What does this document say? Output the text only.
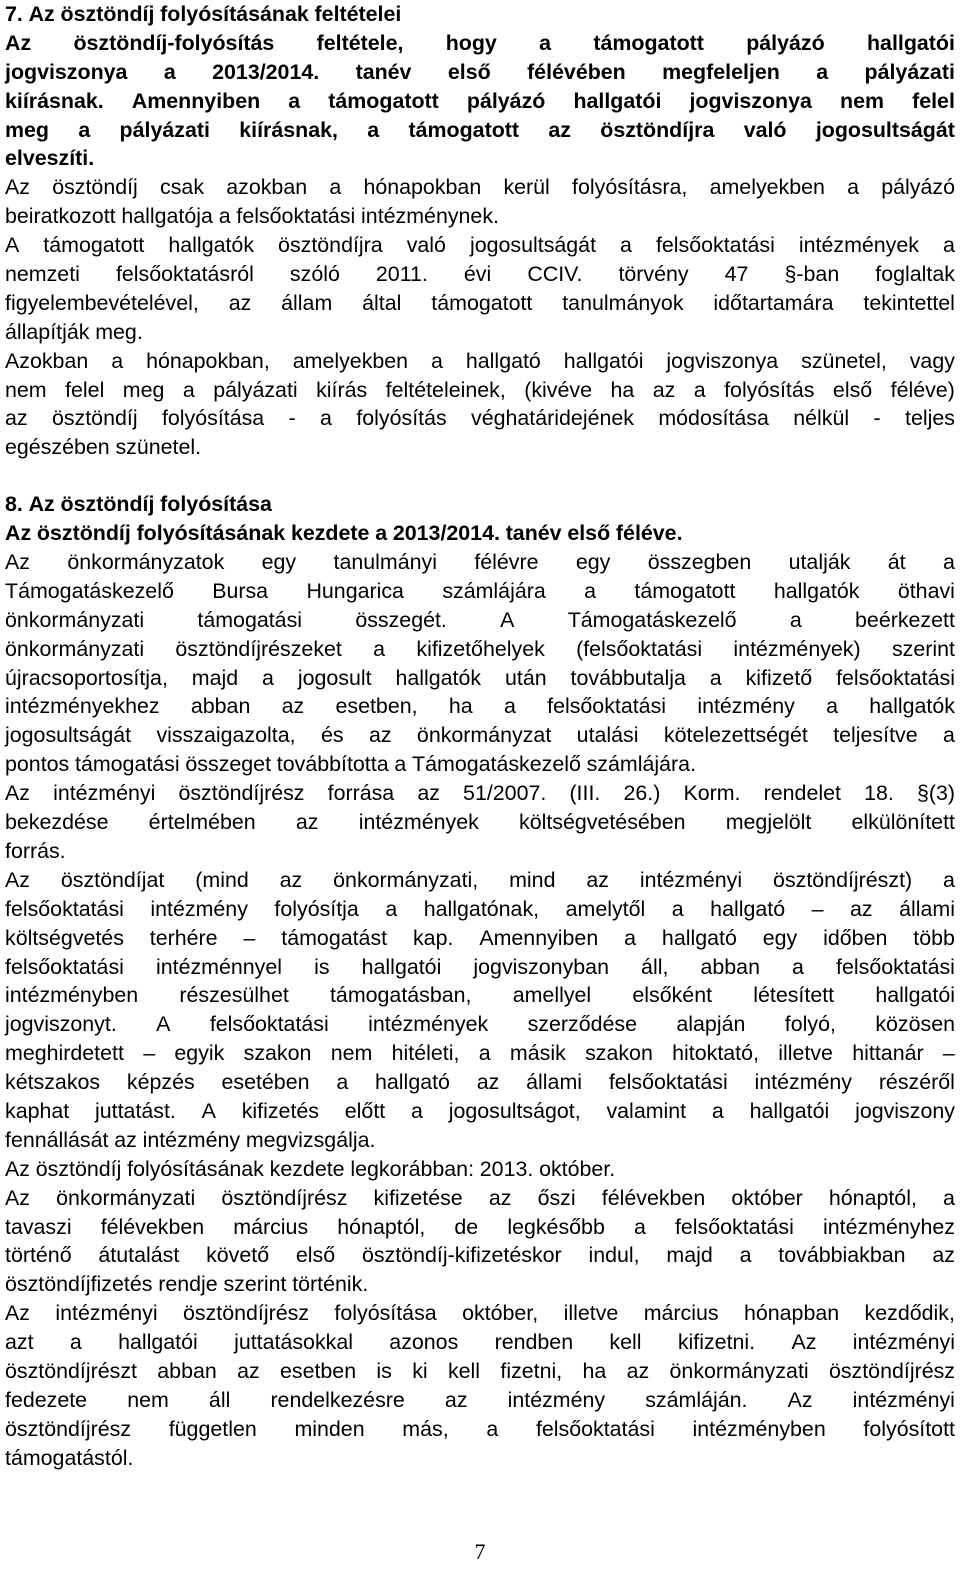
7. Az ösztöndíj folyósításának feltételei
Az ösztöndíj-folyósítás feltétele, hogy a támogatott pályázó hallgatói
jogviszonya a 2013/2014. tanév első félévében megfeleljen a pályázati
kiírásnak. Amennyiben a támogatott pályázó hallgatói jogviszonya nem felel
meg a pályázati kiírásnak, a támogatott az ösztöndíjra való jogosultságát
elveszíti.
Az ösztöndíj csak azokban a hónapokban kerül folyósításra, amelyekben a pályázó
beiratkozott hallgatója a felsőoktatási intézménynek.
A támogatott hallgatók ösztöndíjra való jogosultságát a felsőoktatási intézmények a
nemzeti felsőoktatásról szóló 2011. évi CCIV. törvény 47 §-ban foglaltak
figyelembevételével, az állam által támogatott tanulmányok időtartamára tekintettel
állapítják meg.
Azokban a hónapokban, amelyekben a hallgató hallgatói jogviszonya szünetel, vagy
nem felel meg a pályázati kiírás feltételeinek, (kivéve ha az a folyósítás első féléve)
az ösztöndíj folyósítása - a folyósítás véghatáridejének módosítása nélkül - teljes
egészében szünetel.
8. Az ösztöndíj folyósítása
Az ösztöndíj folyósításának kezdete a 2013/2014. tanév első féléve.
Az önkormányzatok egy tanulmányi félévre egy összegben utalják át a
Támogatáskezelő Bursa Hungarica számlájára a támogatott hallgatók öthavi
önkormányzati támogatási összegét. A Támogatáskezelő a beérkezett
önkormányzati ösztöndíjrészeket a kifizetőhelyek (felsőoktatási intézmények) szerint
újracsoportosítja, majd a jogosult hallgatók után továbbutalja a kifizető felsőoktatási
intézményekhez abban az esetben, ha a felsőoktatási intézmény a hallgatók
jogosultságát visszaigazolta, és az önkormányzat utalási kötelezettségét teljesítve a
pontos támogatási összeget továbbította a Támogatáskezelő számlájára.
Az intézményi ösztöndíjrész forrása az 51/2007. (III. 26.) Korm. rendelet 18. §(3)
bekezdése értelmében az intézmények költségvetésében megjelölt elkülönített
forrás.
Az ösztöndíjat (mind az önkormányzati, mind az intézményi ösztöndíjrészt) a
felsőoktatási intézmény folyósítja a hallgatónak, amelytől a hallgató – az állami
költségvetés terhére – támogatást kap. Amennyiben a hallgató egy időben több
felsőoktatási intézménnyel is hallgatói jogviszonyban áll, abban a felsőoktatási
intézményben részesülhet támogatásban, amellyel elsőként létesített hallgatói
jogviszonyt. A felsőoktatási intézmények szerződése alapján folyó, közösen
meghirdetett – egyik szakon nem hitéleti, a másik szakon hitoktató, illetve hittanár –
kétszakos képzés esetében a hallgató az állami felsőoktatási intézmény részéről
kaphat juttatást. A kifizetés előtt a jogosultságot, valamint a hallgatói jogviszony
fennállását az intézmény megvizsgálja.
Az ösztöndíj folyósításának kezdete legkorábban: 2013. október.
Az önkormányzati ösztöndíjrész kifizetése az őszi félévekben október hónaptól, a
tavaszi félévekben március hónaptól, de legkésőbb a felsőoktatási intézményhez
történő átutalást követő első ösztöndíj-kifizetéskor indul, majd a továbbiakban az
ösztöndíjfizetés rendje szerint történik.
Az intézményi ösztöndíjrész folyósítása október, illetve március hónapban kezdődik,
azt a hallgatói juttatásokkal azonos rendben kell kifizetni. Az intézményi
ösztöndíjrészt abban az esetben is ki kell fizetni, ha az önkormányzati ösztöndíjrész
fedezete nem áll rendelkezésre az intézmény számláján. Az intézményi
ösztöndíjrész független minden más, a felsőoktatási intézményben folyósított
támogatástól.
7
